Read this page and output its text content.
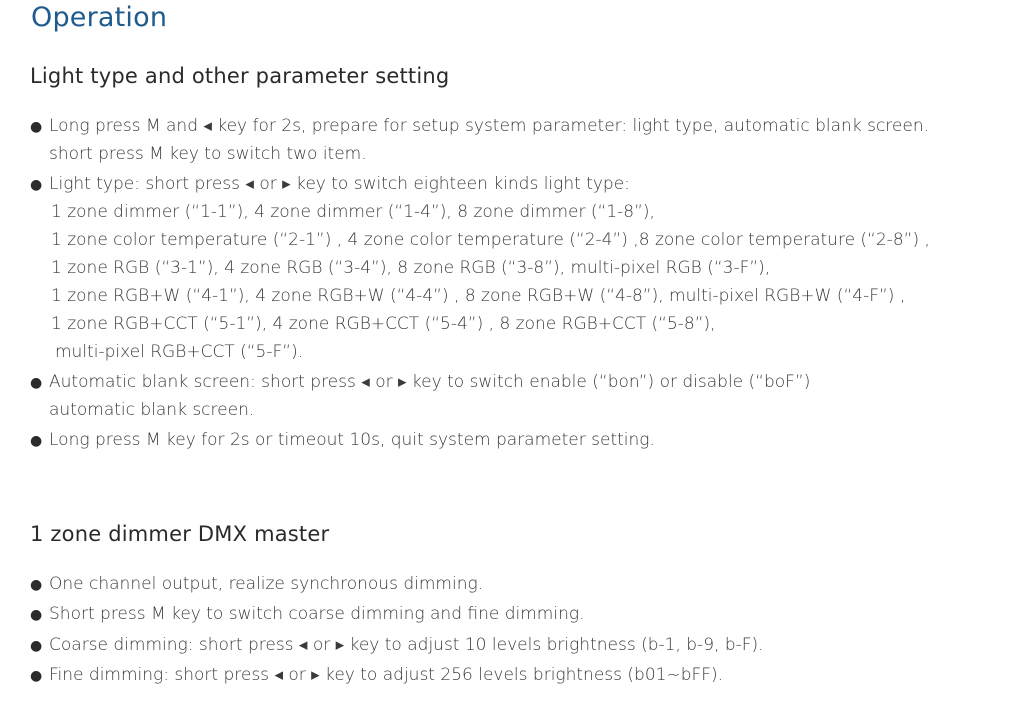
Operation
Light type and other parameter setting
● Long press M and ◂ key for 2s, prepare for setup system parameter: light type, automatic blank screen.
short press M key to switch two item.
● Light type: short press ◂ or ▸ key to switch eighteen kinds light type:
1 zone dimmer (“1-1”), 4 zone dimmer (“1-4”), 8 zone dimmer (“1-8”),
1 zone color temperature (“2-1”) , 4 zone color temperature (“2-4”) ,8 zone color temperature (“2-8”) ,
1 zone RGB (“3-1”), 4 zone RGB (“3-4”), 8 zone RGB (“3-8”), multi-pixel RGB (“3-F”),
1 zone RGB+W (“4-1”), 4 zone RGB+W (“4-4”) , 8 zone RGB+W (“4-8”), multi-pixel RGB+W (“4-F”) ,
1 zone RGB+CCT (“5-1”), 4 zone RGB+CCT (“5-4”) , 8 zone RGB+CCT (“5-8”),
multi-pixel RGB+CCT (“5-F”).
● Automatic blank screen: short press ◂ or ▸ key to switch enable (“bon”) or disable (“boF”)
automatic blank screen.
● Long press M key for 2s or timeout 10s, quit system parameter setting.
1 zone dimmer DMX master
● One channel output, realize synchronous dimming.
● Short press M key to switch coarse dimming and fine dimming.
● Coarse dimming: short press ◂ or ▸ key to adjust 10 levels brightness (b-1, b-9, b-F).
● Fine dimming: short press ◂ or ▸ key to adjust 256 levels brightness (b01~bFF).
